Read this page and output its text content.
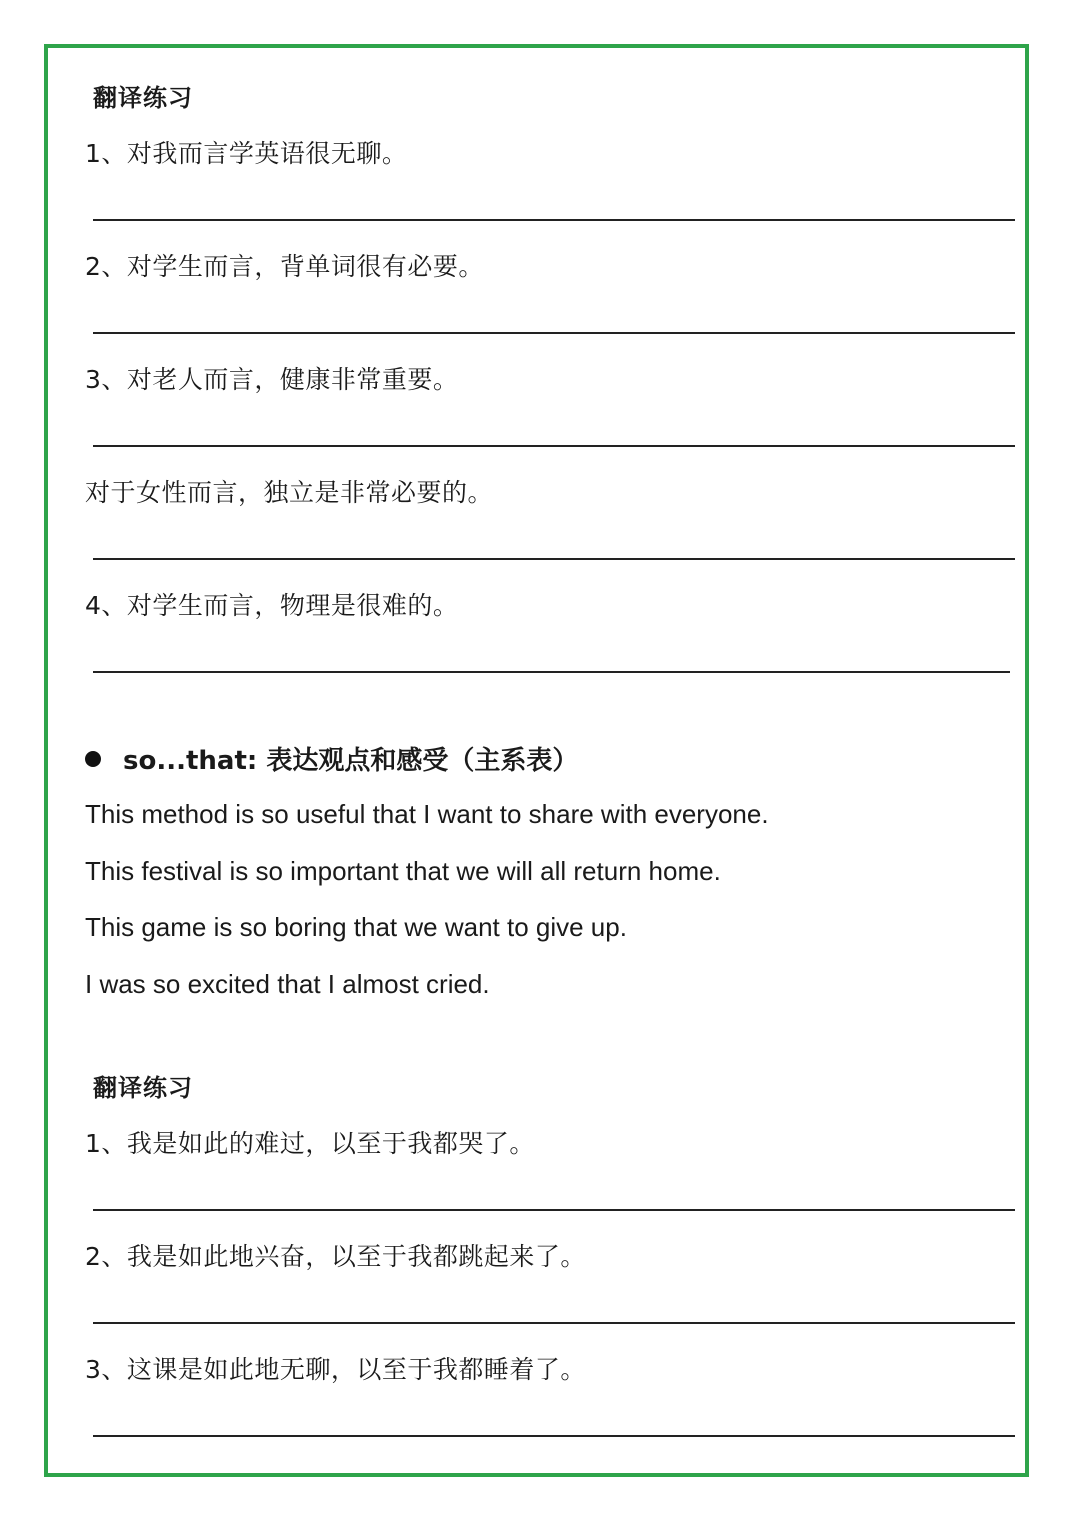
翻译练习
1、对我而言学英语很无聊。
2、对学生而言，背单词很有必要。
3、对老人而言，健康非常重要。
对于女性而言，独立是非常必要的。
4、对学生而言，物理是很难的。
so...that: 表达观点和感受（主系表）
This method is so useful that I want to share with everyone.
This festival is so important that we will all return home.
This game is so boring that we want to give up.
I was so excited that I almost cried.
翻译练习
1、我是如此的难过，以至于我都哭了。
2、我是如此地兴奋，以至于我都跳起来了。
3、这课是如此地无聊，以至于我都睡着了。
